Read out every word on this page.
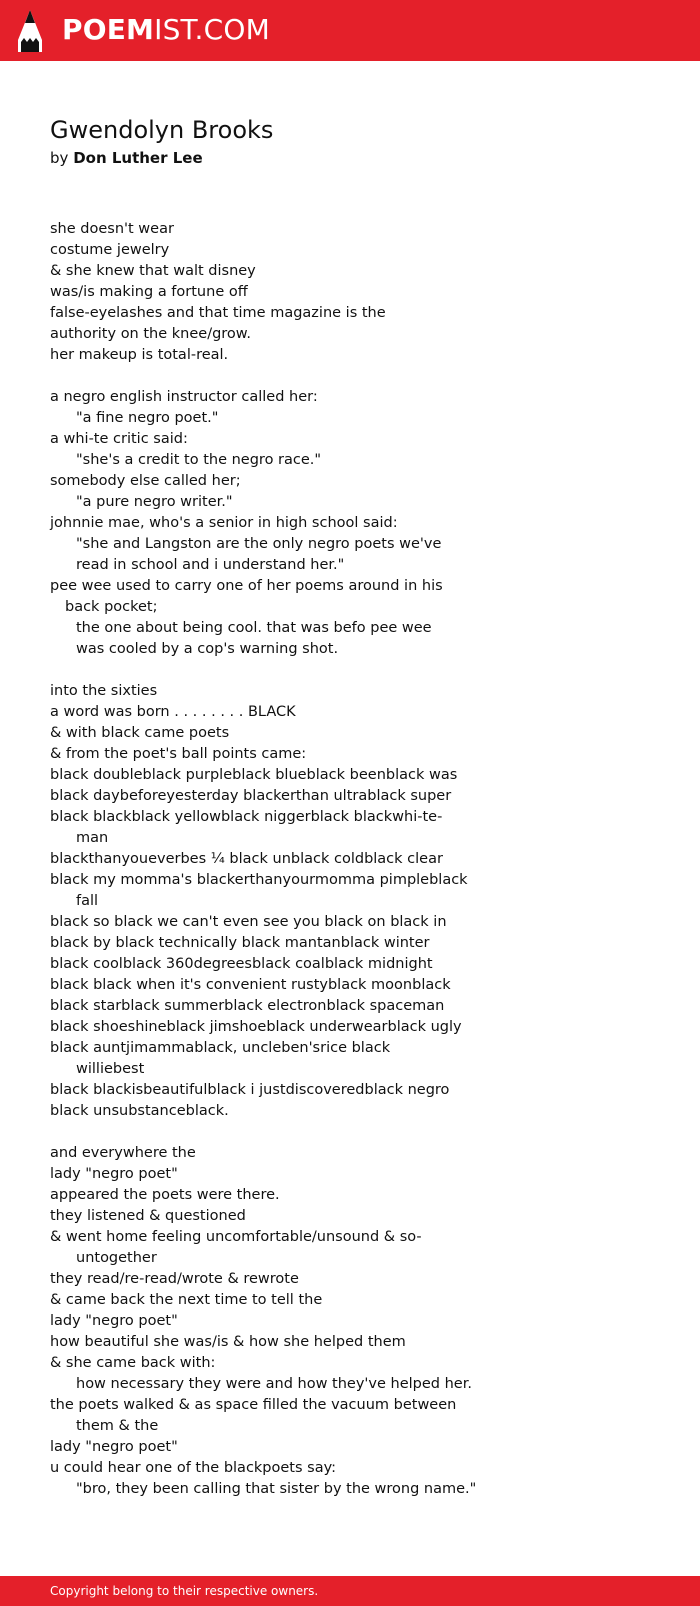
POEMIST.COM
Gwendolyn Brooks
by Don Luther Lee
she doesn't wear
costume jewelry
& she knew that walt disney
was/is making a fortune off
false-eyelashes and that time magazine is the
authority on the knee/grow.
her makeup is total-real.
a negro english instructor called her:
"a fine negro poet."
a whi-te critic said:
"she's a credit to the negro race."
somebody else called her;
"a pure negro writer."
johnnie mae, who's a senior in high school said:
"she and Langston are the only negro poets we've
read in school and i understand her."
pee wee used to carry one of her poems around in his
back pocket;
the one about being cool. that was befo pee wee
was cooled by a cop's warning shot.
into the sixties
a word was born . . . . . . . . BLACK
& with black came poets
& from the poet's ball points came:
black doubleblack purpleblack blueblack beenblack was
black daybeforeyesterday blackerthan ultrablack super
black blackblack yellowblack niggerblack blackwhi-te-
man
blackthanyoueverbes ¼ black unblack coldblack clear
black my momma's blackerthanyourmomma pimpleblack
fall
black so black we can't even see you black on black in
black by black technically black mantanblack winter
black coolblack 360degreesblack coalblack midnight
black black when it's convenient rustyblack moonblack
black starblack summerblack electronblack spaceman
black shoeshineblack jimshoeblack underwearblack ugly
black auntjimammablack, uncleben'srice black
williebest
black blackisbeautifulblack i justdiscoveredblack negro
black unsubstanceblack.
and everywhere the
lady "negro poet"
appeared the poets were there.
they listened & questioned
& went home feeling uncomfortable/unsound & so-
untogether
they read/re-read/wrote & rewrote
& came back the next time to tell the
lady "negro poet"
how beautiful she was/is & how she helped them
& she came back with:
how necessary they were and how they've helped her.
the poets walked & as space filled the vacuum between
them & the
lady "negro poet"
u could hear one of the blackpoets say:
"bro, they been calling that sister by the wrong name."
Copyright belong to their respective owners.
